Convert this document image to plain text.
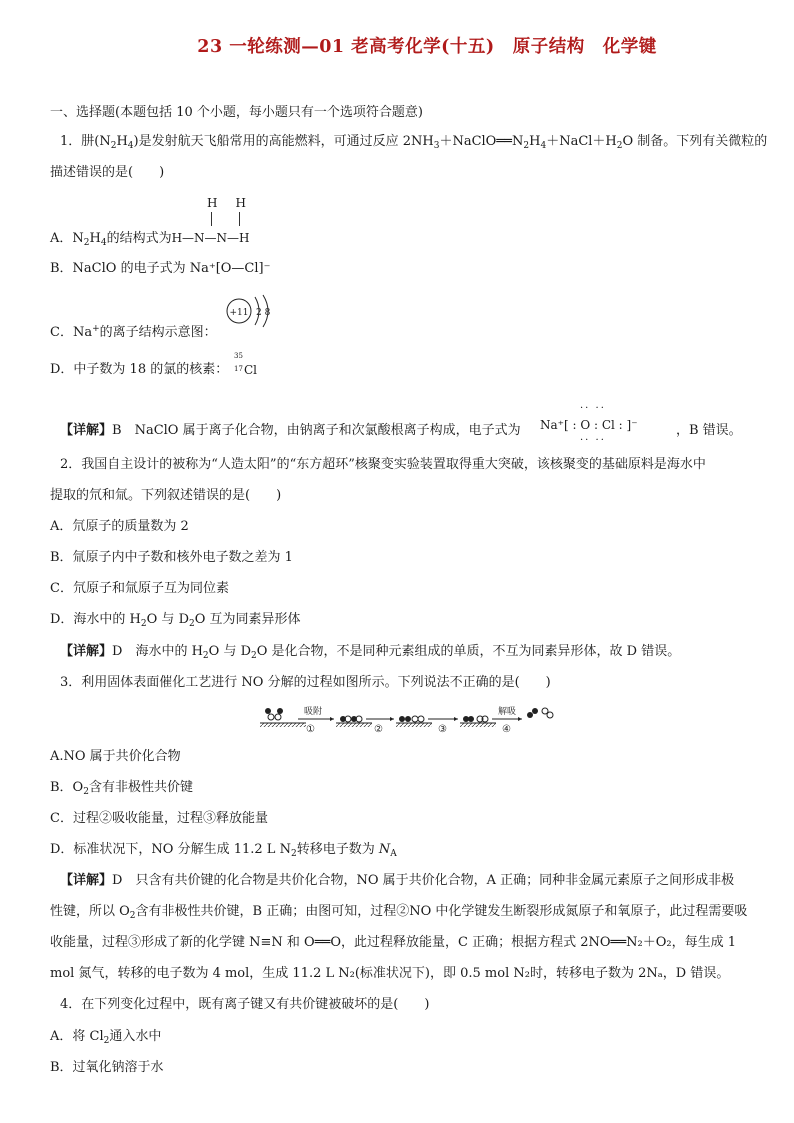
23 一轮练测—01 老高考化学(十五)　原子结构　化学键
一、选择题(本题包括 10 个小题，每小题只有一个选项符合题意)
1．肼$(N_2H_4)$是发射航天飞船常用的高能燃料，可通过反应 $2NH_3+NaClO══N_2H_4+NaCl+H_2O$ 制备。下列有关微粒的
描述错误的是(　　)
H　H
A．$N_2H_4$的结构式为H—N—N—H
B．NaClO 的电子式为 Na⁺[O—Cl]⁻
C．Na+的离子结构示意图：
+11 2 8
D．中子数为 18 的氯的核素：
35
17 Cl
【详解】B　NaClO 属于离子化合物，由钠离子和次氯酸根离子构成，电子式为
·· ··
Na⁺[ : O : Cl : ]⁻
·· ··
，B 错误。
2．我国自主设计的被称为“人造太阳”的“东方超环”核聚变实验装置取得重大突破，该核聚变的基础原料是海水中
提取的氘和氚。下列叙述错误的是(　　)
A．氘原子的质量数为 2
B．氚原子内中子数和核外电子数之差为 1
C．氘原子和氚原子互为同位素
D．海水中的 $H_2O$ 与 $D_2O$ 互为同素异形体
【详解】D　海水中的 $H_2O$ 与 $D_2O$ 是化合物，不是同种元素组成的单质，不互为同素异形体，故 D 错误。
3．利用固体表面催化工艺进行 NO 分解的过程如图所示。下列说法不正确的是(　　)
吸附
①	②	③
解吸
④
A.NO 属于共价化合物
B．$O_2$含有非极性共价键
C．过程②吸收能量，过程③释放能量
D．标准状况下，NO 分解生成 11.2 L $N_2$转移电子数为 $N_A$
【详解】D　只含有共价键的化合物是共价化合物，NO 属于共价化合物，A 正确；同种非金属元素原子之间形成非极
性键，所以 $O_2$含有非极性共价键，B 正确；由图可知，过程②NO 中化学键发生断裂形成氮原子和氧原子，此过程需要吸
收能量，过程③形成了新的化学键 N≡N 和 O══O，此过程释放能量，C 正确；根据方程式 2NO══N₂＋O₂，每生成 1
mol 氮气，转移的电子数为 4 mol，生成 11.2 L N₂(标准状况下)，即 0.5 mol N₂时，转移电子数为 2Nₐ，D 错误。
4．在下列变化过程中，既有离子键又有共价键被破坏的是(　　)
A．将 $Cl_2$通入水中
B．过氧化钠溶于水
